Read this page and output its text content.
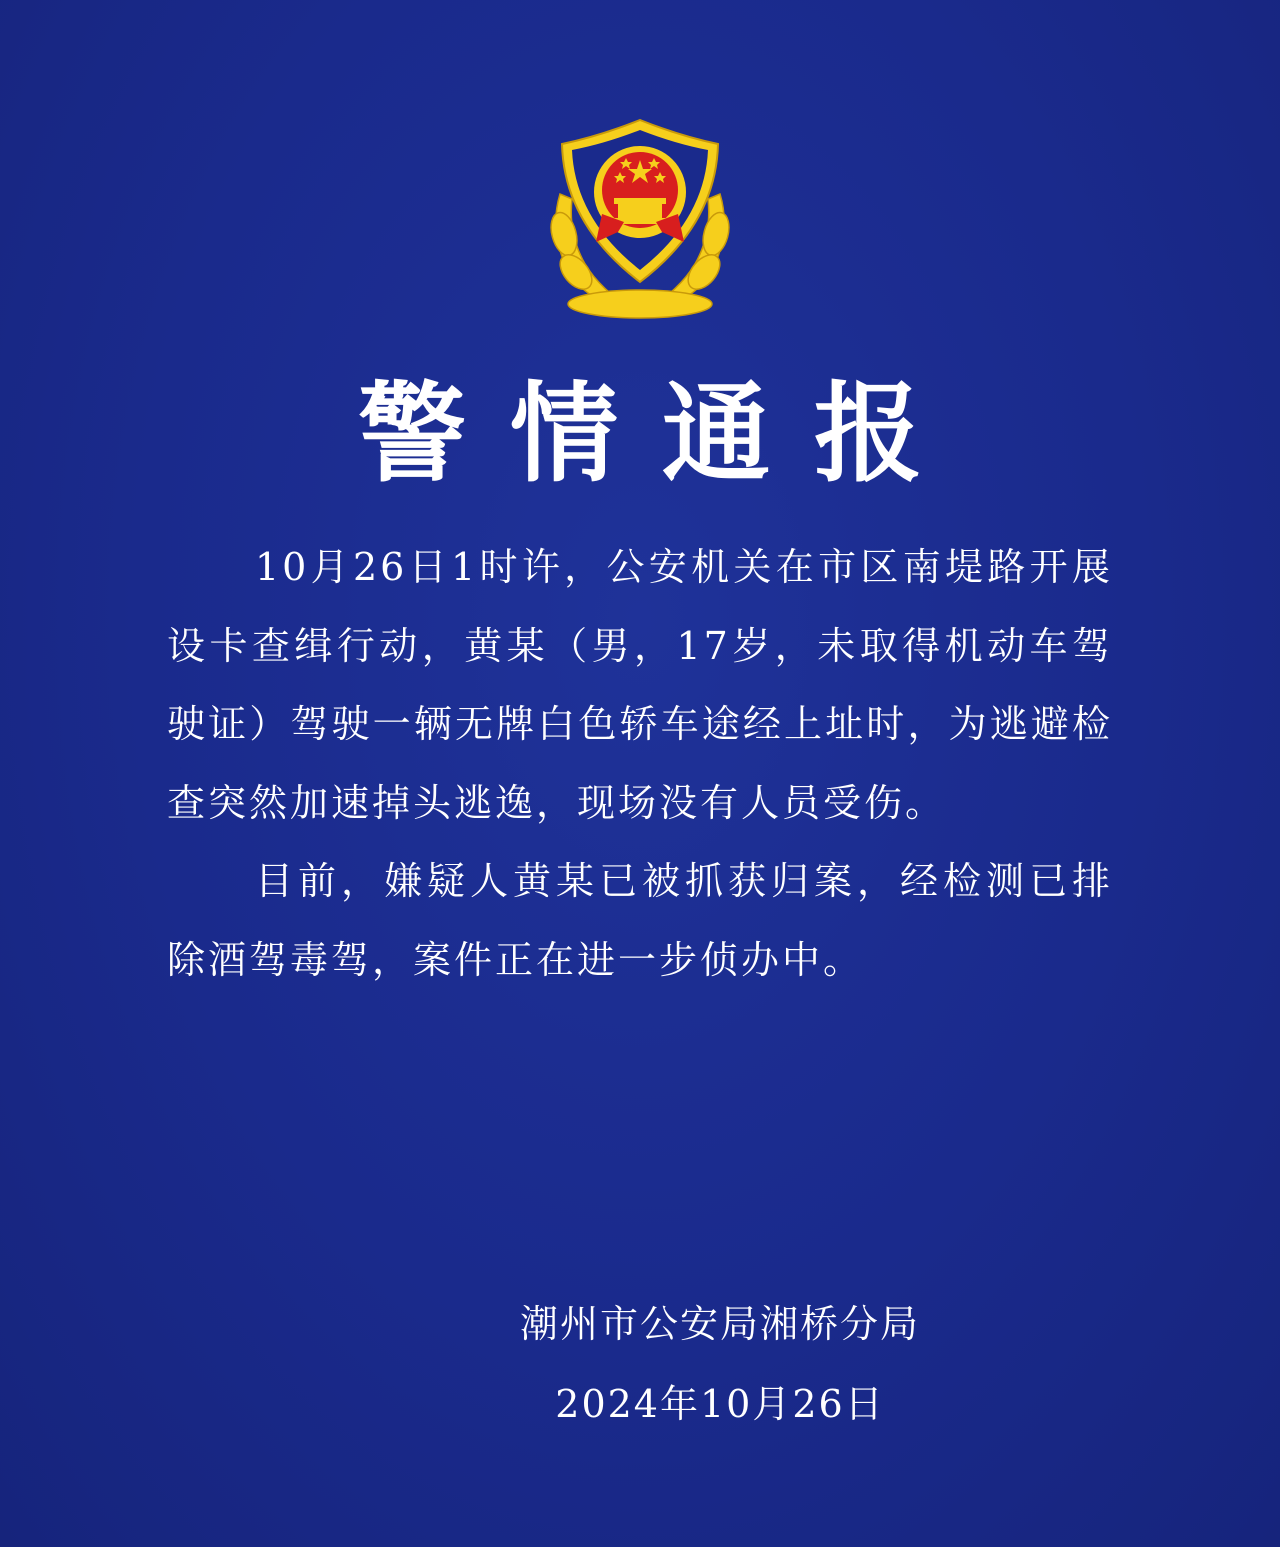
警情通报

10月26日1时许，公安机关在市区南堤路开展设卡查缉行动，黄某（男，17岁，未取得机动车驾驶证）驾驶一辆无牌白色轿车途经上址时，为逃避检查突然加速掉头逃逸，现场没有人员受伤。

目前，嫌疑人黄某已被抓获归案，经检测已排除酒驾毒驾，案件正在进一步侦办中。

潮州市公安局湘桥分局
2024年10月26日
